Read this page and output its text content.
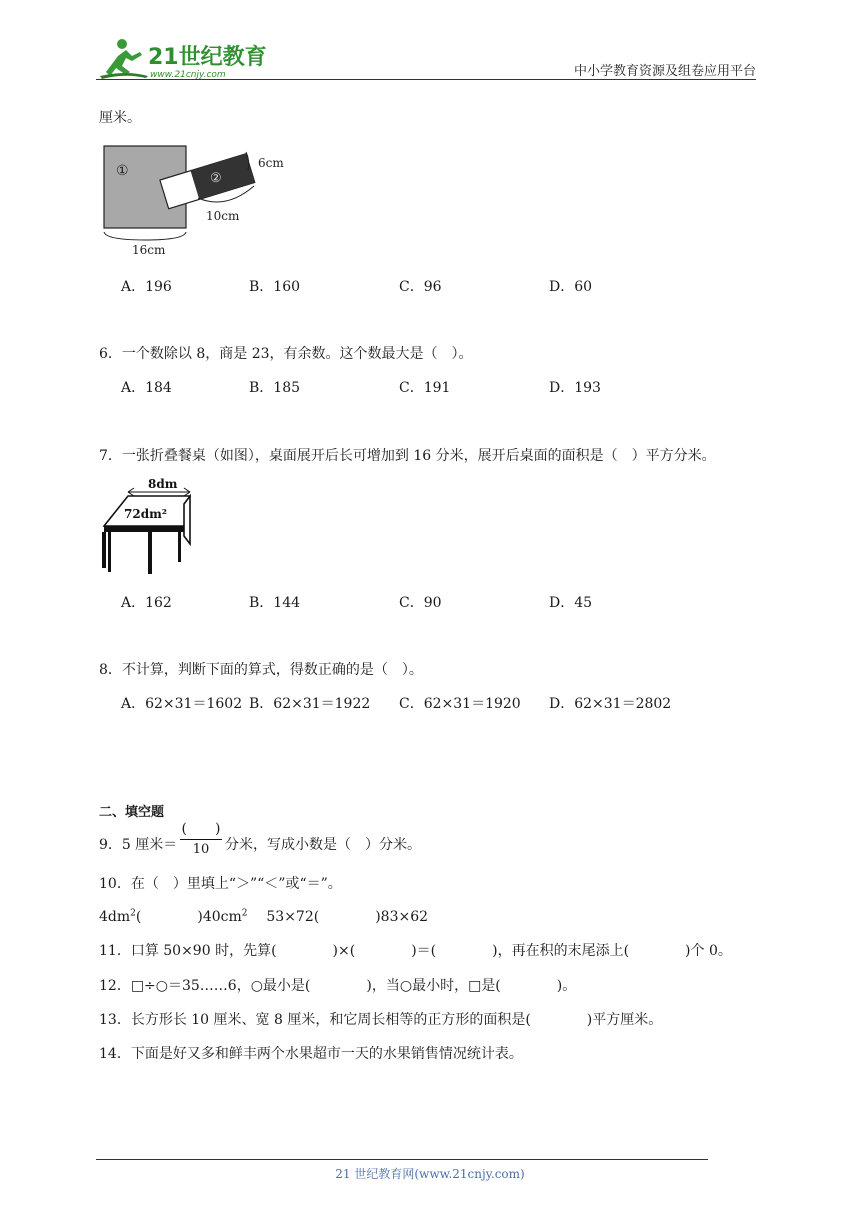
21世纪教育
www.21cnjy.com	中小学教育资源及组卷应用平台
厘米。
①	②
6cm
10cm
16cm
A．196	B．160	C．96	D．60
6．一个数除以 8，商是 23，有余数。这个数最大是（　）。
A．184	B．185	C．191	D．193
7．一张折叠餐桌（如图），桌面展开后长可增加到 16 分米，展开后桌面的面积是（　）平方分米。
8dm
72dm²
A．162	B．144	C．90	D．45
8．不计算，判断下面的算式，得数正确的是（　）。
A．62×31＝1602 B．62×31＝1922 C．62×31＝1920 D．62×31＝2802
二、填空题
9．5 厘米＝
(　　)
10	分米，写成小数是（　）分米。
10．在（　）里填上“＞”“＜”或“＝”。
$4dm^2$(　　　　)$40cm^2$ 53×72(　　　　)83×62
11．口算 50×90 时，先算(　　　　)×(　　　　)＝(　　　　)，再在积的末尾添上(　　　　)个 0。
12．□÷○＝35……6，○最小是(　　　　)，当○最小时，□是(　　　　)。
13．长方形长 10 厘米、宽 8 厘米，和它周长相等的正方形的面积是(　　　　)平方厘米。
14．下面是好又多和鲜丰两个水果超市一天的水果销售情况统计表。
21 世纪教育网(www.21cnjy.com)
